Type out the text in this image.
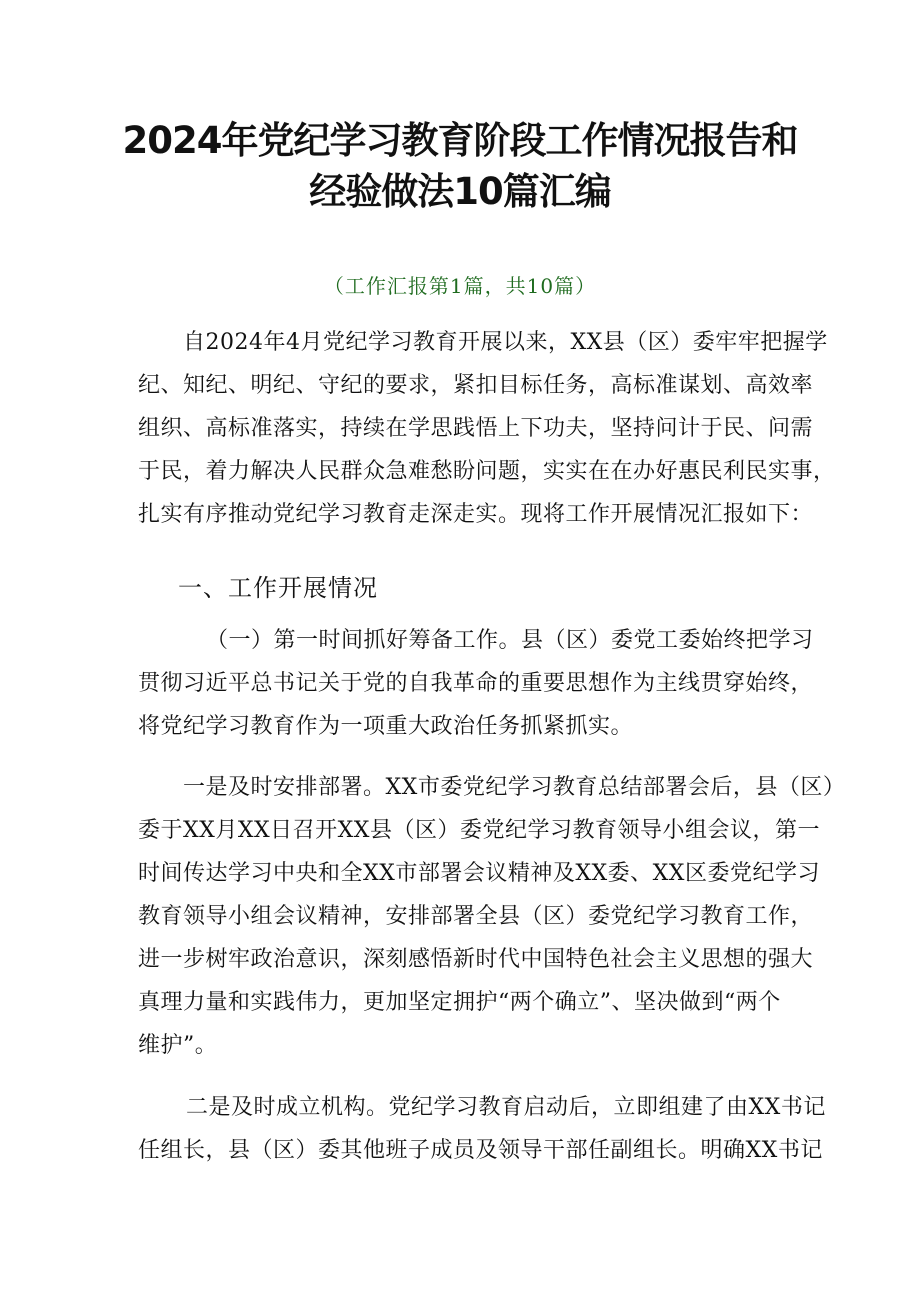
2024年党纪学习教育阶段工作情况报告和
经验做法10篇汇编
（工作汇报第1篇，共10篇）
自2024年4月党纪学习教育开展以来，XX县（区）委牢牢把握学
纪、知纪、明纪、守纪的要求，紧扣目标任务，高标准谋划、高效率
组织、高标准落实，持续在学思践悟上下功夫，坚持问计于民、问需
于民，着力解决人民群众急难愁盼问题，实实在在办好惠民利民实事，
扎实有序推动党纪学习教育走深走实。现将工作开展情况汇报如下：
一、工作开展情况
（一）第一时间抓好筹备工作。县（区）委党工委始终把学习
贯彻习近平总书记关于党的自我革命的重要思想作为主线贯穿始终，
将党纪学习教育作为一项重大政治任务抓紧抓实。
一是及时安排部署。XX市委党纪学习教育总结部署会后，县（区）
委于XX月XX日召开XX县（区）委党纪学习教育领导小组会议，第一
时间传达学习中央和全XX市部署会议精神及XX委、XX区委党纪学习
教育领导小组会议精神，安排部署全县（区）委党纪学习教育工作，
进一步树牢政治意识，深刻感悟新时代中国特色社会主义思想的强大
真理力量和实践伟力，更加坚定拥护“两个确立”、坚决做到“两个
维护”。
二是及时成立机构。党纪学习教育启动后，立即组建了由XX书记
任组长，县（区）委其他班子成员及领导干部任副组长。明确XX书记
